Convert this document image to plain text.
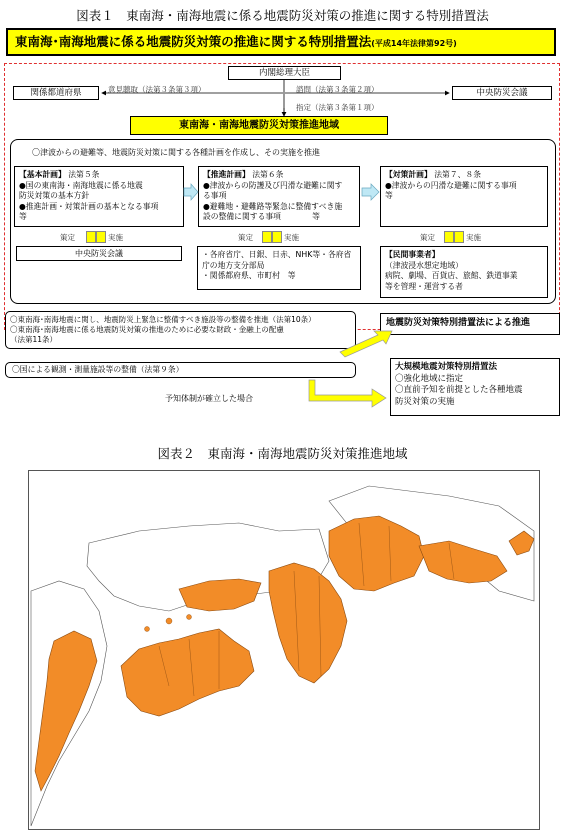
図表１　東南海・南海地震に係る地震防災対策の推進に関する特別措置法
東南海･南海地震に係る地震防災対策の推進に関する特別措置法(平成14年法律第92号)
内閣総理大臣
関係都道府県	中央防災会議
意見聴取（法第３条第３項）	諮問（法第３条第２項）
指定（法第３条第１項）
東南海・南海地震防災対策推進地域
〇津波からの避難等、地震防災対策に関する各種計画を作成し、その実施を推進
【基本計画】 法第５条
●国の東南海・南海地震に係る地震
防災対策の基本方針
●推進計画・対策計画の基本となる事項
等
【推進計画】 法第６条
●津波からの防護及び円滑な避難に関す
る事項
●避難地・避難路等緊急に整備すべき施
設の整備に関する事項　　　　等
【対策計画】 法第７、８条
●津波からの円滑な避難に関する事項
等
策定	実施	策定	実施	策定	実施
中央防災会議	・各府省庁、日銀、日赤、NHK等・各府省
庁の地方支分部局
・関係都府県、市町村　等
【民間事業者】
（津波浸水想定地域）
病院、劇場、百貨店、旅館、鉄道事業
等を管理・運営する者
〇東南海･南海地震に関し、地震防災上緊急に整備すべき施設等の整備を推進（法第10条）
〇東南海･南海地震に係る地震防災対策の推進のために必要な財政・金融上の配慮
（法第11条）
〇国による観測・測量施設等の整備（法第９条）
地震防災対策特別措置法による推進
大規模地震対策特別措置法
〇強化地域に指定
〇直前予知を前提とした各種地震
防災対策の実施
予知体制が確立した場合
図表２　東南海・南海地震防災対策推進地域
